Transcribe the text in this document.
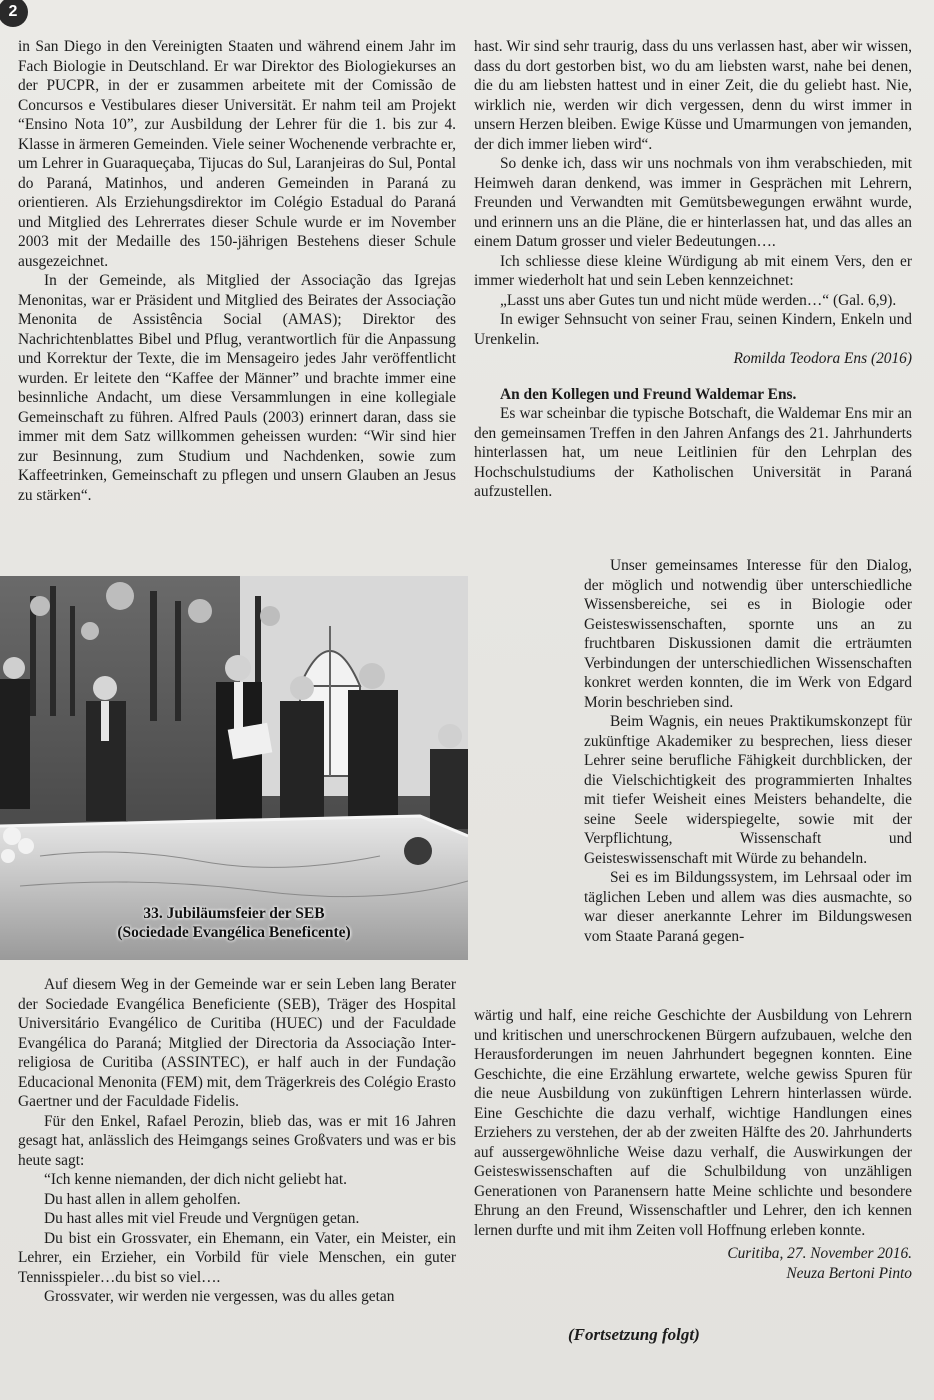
2

in San Diego in den Vereinigten Staaten und während einem Jahr im Fach Biologie in Deutschland. Er war Direktor des Biologiekurses an der PUCPR, in der er zusammen arbeitete mit der Comissão de Concursos e Vestibulares dieser Universität. Er nahm teil am Projekt “Ensino Nota 10”, zur Ausbildung der Lehrer für die 1. bis zur 4. Klasse in ärmeren Gemeinden. Viele seiner Wochenende verbrachte er, um Lehrer in Guaraqueçaba, Tijucas do Sul, Laranjeiras do Sul, Pontal do Paraná, Matinhos, und anderen Gemeinden in Paraná zu orientieren. Als Erziehungsdirektor im Colégio Estadual do Paraná und Mitglied des Lehrerrates dieser Schule wurde er im November 2003 mit der Medaille des 150-jährigen Bestehens dieser Schule ausgezeichnet.

In der Gemeinde, als Mitglied der Associação das Igrejas Menonitas, war er Präsident und Mitglied des Beirates der Associação Menonita de Assistência Social (AMAS); Direktor des Nachrichtenblattes Bibel und Pflug, verantwortlich für die Anpassung und Korrektur der Texte, die im Mensageiro jedes Jahr veröffentlicht wurden. Er leitete den “Kaffee der Männer” und brachte immer eine besinnliche Andacht, um diese Versammlungen in eine kollegiale Gemeinschaft zu führen. Alfred Pauls (2003) erinnert daran, dass sie immer mit dem Satz willkommen geheissen wurden: “Wir sind hier zur Besinnung, zum Studium und Nachdenken, sowie zum Kaffeetrinken, Gemeinschaft zu pflegen und unsern Glauben an Jesus zu stärken“.

33. Jubiläumsfeier der SEB
(Sociedade Evangélica Beneficente)

Auf diesem Weg in der Gemeinde war er sein Leben lang Berater der Sociedade Evangélica Beneficiente (SEB), Träger des Hospital Universitário Evangélico de Curitiba (HUEC) und der Faculdade Evangélica do Paraná; Mitglied der Directoria da Associação Inter-religiosa de Curitiba (ASSINTEC), er half auch in der Fundação Educacional Menonita (FEM) mit, dem Trägerkreis des Colégio Erasto Gaertner und der Faculdade Fidelis.

Für den Enkel, Rafael Perozin, blieb das, was er mit 16 Jahren gesagt hat, anlässlich des Heimgangs seines Großvaters und was er bis heute sagt:

“Ich kenne niemanden, der dich nicht geliebt hat.

Du hast allen in allem geholfen.

Du hast alles mit viel Freude und Vergnügen getan.

Du bist ein Grossvater, ein Ehemann, ein Vater, ein Meister, ein Lehrer, ein Erzieher, ein Vorbild für viele Menschen, ein guter Tennisspieler…du bist so viel….

Grossvater, wir werden nie vergessen, was du alles getan

hast. Wir sind sehr traurig, dass du uns verlassen hast, aber wir wissen, dass du dort gestorben bist, wo du am liebsten warst, nahe bei denen, die du am liebsten hattest und in einer Zeit, die du geliebt hast. Nie, wirklich nie, werden wir dich vergessen, denn du wirst immer in unsern Herzen bleiben. Ewige Küsse und Umarmungen von jemanden, der dich immer lieben wird“.

So denke ich, dass wir uns nochmals von ihm verabschieden, mit Heimweh daran denkend, was immer in Gesprächen mit Lehrern, Freunden und Verwandten mit Gemütsbewegungen erwähnt wurde, und erinnern uns an die Pläne, die er hinterlassen hat, und das alles an einem Datum grosser und vieler Bedeutungen….

Ich schliesse diese kleine Würdigung ab mit einem Vers, den er immer wiederholt hat und sein Leben kennzeichnet:

„Lasst uns aber Gutes tun und nicht müde werden…“ (Gal. 6,9).

In ewiger Sehnsucht von seiner Frau, seinen Kindern, Enkeln und Urenkelin.

Romilda Teodora Ens (2016)

An den Kollegen und Freund Waldemar Ens.

Es war scheinbar die typische Botschaft, die Waldemar Ens mir an den gemeinsamen Treffen in den Jahren Anfangs des 21. Jahrhunderts hinterlassen hat, um neue Leitlinien für den Lehrplan des Hochschulstudiums der Katholischen Universität in Paraná aufzustellen.

Unser gemeinsames Interesse für den Dialog, der möglich und notwendig über unterschiedliche Wissensbereiche, sei es in Biologie oder Geisteswissenschaften, spornte uns an zu fruchtbaren Diskussionen damit die erträumten Verbindungen der unterschiedlichen Wissenschaften konkret werden konnten, die im Werk von Edgard Morin beschrieben sind.

Beim Wagnis, ein neues Praktikumskonzept für zukünftige Akademiker zu besprechen, liess dieser Lehrer seine berufliche Fähigkeit durchblicken, der die Vielschichtigkeit des programmierten Inhaltes mit tiefer Weisheit eines Meisters behandelte, die seine Seele widerspiegelte, sowie mit der Verpflichtung, Wissenschaft und Geisteswissenschaft mit Würde zu behandeln.

Sei es im Bildungssystem, im Lehrsaal oder im täglichen Leben und allem was dies ausmachte, so war dieser anerkannte Lehrer im Bildungswesen vom Staate Paraná gegen-

wärtig und half, eine reiche Geschichte der Ausbildung von Lehrern und kritischen und unerschrockenen Bürgern aufzubauen, welche den Herausforderungen im neuen Jahrhundert begegnen konnten. Eine Geschichte, die eine Erzählung erwartete, welche gewiss Spuren für die neue Ausbildung von zukünftigen Lehrern hinterlassen würde. Eine Geschichte die dazu verhalf, wichtige Handlungen eines Erziehers zu verstehen, der ab der zweiten Hälfte des 20. Jahrhunderts auf aussergewöhnliche Weise dazu verhalf, die Auswirkungen der Geisteswissenschaften auf die Schulbildung von unzähligen Generationen von Paranensern hatte Meine schlichte und besondere Ehrung an den Freund, Wissenschaftler und Lehrer, den ich kennen lernen durfte und mit ihm Zeiten voll Hoffnung erleben konnte.

Curitiba, 27. November 2016.

Neuza Bertoni Pinto

(Fortsetzung folgt)
